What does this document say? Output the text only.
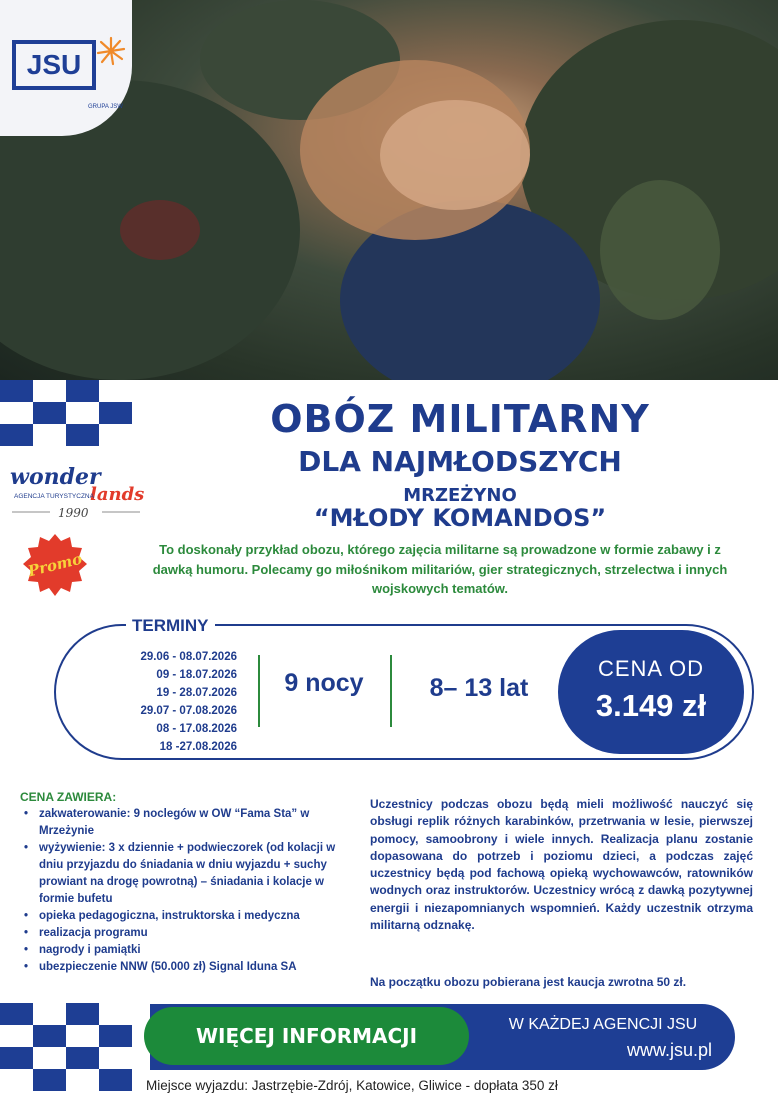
JSU
GRUPA JSW
wonder
lands
AGENCJA TURYSTYCZNA
1990
Promo
OBÓZ MILITARNY
DLA NAJMŁODSZYCH
MRZEŻYNO
“MŁODY KOMANDOS”
To doskonały przykład obozu, którego zajęcia militarne są prowadzone w formie zabawy i z dawką humoru. Polecamy go miłośnikom militariów, gier strategicznych, strzelectwa i innych wojskowych tematów.
TERMINY
29.06 - 08.07.2026
09 - 18.07.2026
19 - 28.07.2026
29.07 - 07.08.2026
08 - 17.08.2026
18 -27.08.2026
9 nocy	8– 13 lat
CENA OD
3.149 zł
CENA ZAWIERA:
• zakwaterowanie: 9 noclegów w OW “Fama Sta” w Mrzeżynie
• wyżywienie: 3 x dziennie + podwieczorek (od kolacji w dniu przyjazdu do śniadania w dniu wyjazdu + suchy prowiant na drogę powrotną) – śniadania i kolacje w formie bufetu
• opieka pedagogiczna, instruktorska i medyczna
• realizacja programu
• nagrody i pamiątki
• ubezpieczenie NNW (50.000 zł) Signal Iduna SA
Uczestnicy podczas obozu będą mieli możliwość nauczyć się obsługi replik różnych karabinków, przetrwania w lesie, pierwszej pomocy, samoobrony i wiele innych. Realizacja planu zostanie dopasowana do potrzeb i poziomu dzieci, a podczas zajęć uczestnicy będą pod fachową opieką wychowawców, ratowników wodnych oraz instruktorów. Uczestnicy wrócą z dawką pozytywnej energii i niezapomnianych wspomnień. Każdy uczestnik otrzyma militarną odznakę.
Na początku obozu pobierana jest kaucja zwrotna 50 zł.
WIĘCEJ INFORMACJI	W KAŻDEJ AGENCJI JSU
www.jsu.pl
Miejsce wyjazdu: Jastrzębie-Zdrój, Katowice, Gliwice - dopłata 350 zł
